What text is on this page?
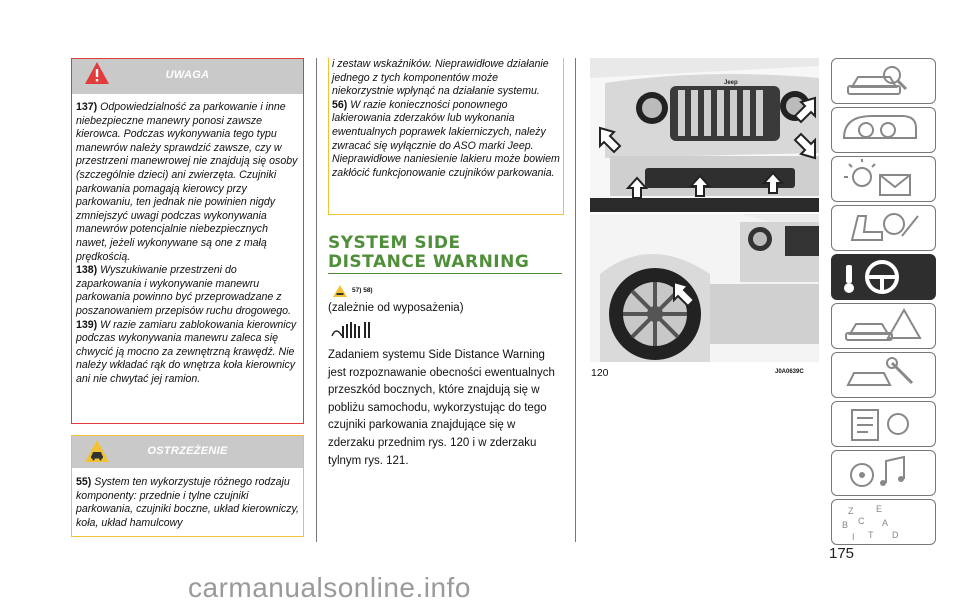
UWAGA

137) Odpowiedzialność za parkowanie i inne niebezpieczne manewry ponosi zawsze kierowca. Podczas wykonywania tego typu manewrów należy sprawdzić zawsze, czy w przestrzeni manewrowej nie znajdują się osoby (szczególnie dzieci) ani zwierzęta. Czujniki parkowania pomagają kierowcy przy parkowaniu, ten jednak nie powinien nigdy zmniejszyć uwagi podczas wykonywania manewrów potencjalnie niebezpiecznych nawet, jeżeli wykonywane są one z małą prędkością.

138) Wyszukiwanie przestrzeni do zaparkowania i wykonywanie manewru parkowania powinno być przeprowadzane z poszanowaniem przepisów ruchu drogowego.

139) W razie zamiaru zablokowania kierownicy podczas wykonywania manewru zaleca się chwycić ją mocno za zewnętrzną krawędź. Nie należy wkładać rąk do wnętrza koła kierownicy ani nie chwytać jej ramion.

OSTRZEŻENIE

55) System ten wykorzystuje różnego rodzaju komponenty: przednie i tylne czujniki parkowania, czujniki boczne, układ kierowniczy, koła, układ hamulcowy

i zestaw wskaźników. Nieprawidłowe działanie jednego z tych komponentów może niekorzystnie wpłynąć na działanie systemu.

56) W razie konieczności ponownego lakierowania zderzaków lub wykonania ewentualnych poprawek lakierniczych, należy zwracać się wyłącznie do ASO marki Jeep. Nieprawidłowe naniesienie lakieru może bowiem zakłócić funkcjonowanie czujników parkowania.

SYSTEM SIDE DISTANCE WARNING
57) 58)
(zależnie od wyposażenia)
Zadaniem systemu Side Distance Warning jest rozpoznawanie obecności ewentualnych przeszkód bocznych, które znajdują się w pobliżu samochodu, wykorzystując do tego czujniki parkowania znajdujące się w zderzaku przednim rys. 120 i w zderzaku tylnym rys. 121.
Jeep
120	J0A0639C
Z	E
B	A
C
D
I T
175
carmanualsonline.info
